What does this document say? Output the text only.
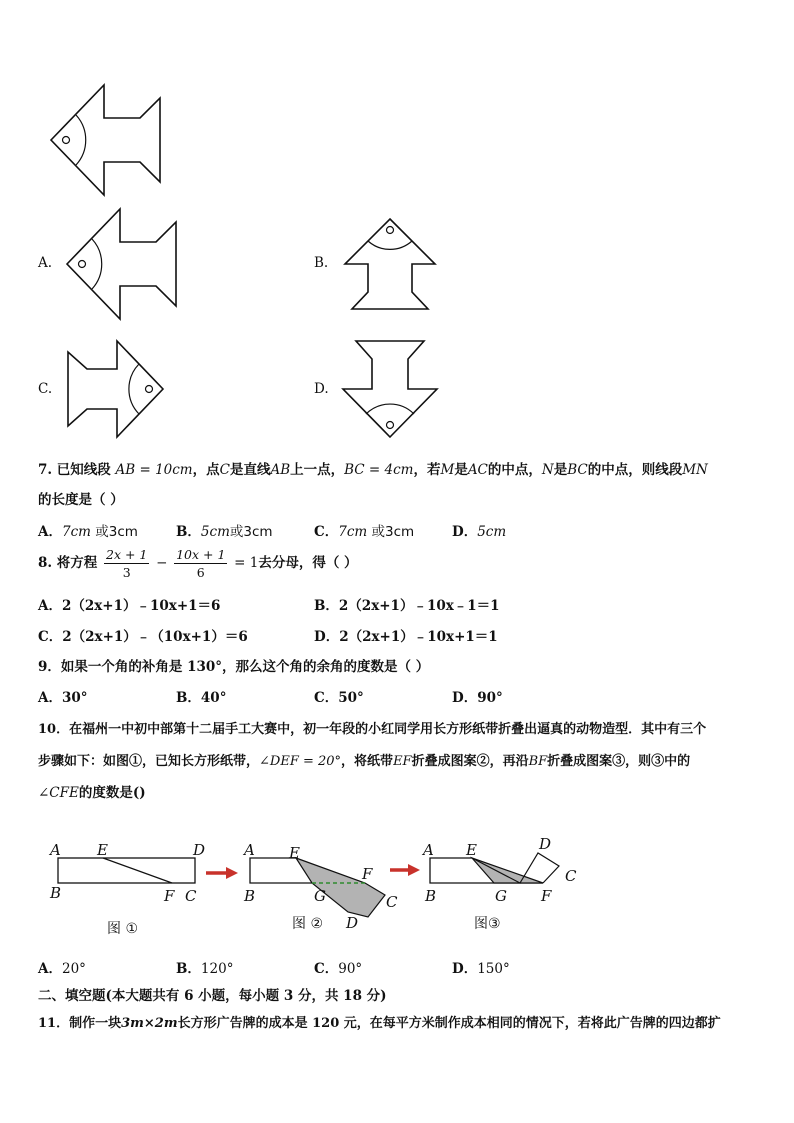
A.	B.
C.	D.
7. 已知线段 AB = 10cm，点C是直线AB上一点，BC = 4cm，若M是AC的中点，N是BC的中点，则线段MN
的长度是（ ）
A．7cm 或3cm	B．5cm或3cm	C．7cm 或3cm	D．5cm
8. 将方程 $\frac{2x + 1}{3} - \frac{10x + 1}{6} = 1$去分母，得（ ）
A．2（2x+1）﹣10x+1＝6	B．2（2x+1）﹣10x﹣1＝1
C．2（2x+1）﹣（10x+1）＝6	D．2（2x+1）﹣10x+1＝1
9．如果一个角的补角是 130°，那么这个角的余角的度数是（ ）
A．30°	B．40°	C．50°	D．90°
10．在福州一中初中部第十二届手工大赛中，初一年段的小红同学用长方形纸带折叠出逼真的动物造型．其中有三个
步骤如下：如图①，已知长方形纸带，∠DEF = 20°，将纸带EF折叠成图案②，再沿BF折叠成图案③，则③中的
∠CFE的度数是()
A E	D
B	F C
图 ①
A E
F
B	G	C
D
图 ②
A E	D
C
B	G F
图③
A．20°	B．120°	C．90°	D．150°
二、填空题(本大题共有 6 小题，每小题 3 分，共 18 分)
11．制作一块3m×2m长方形广告牌的成本是 120 元，在每平方米制作成本相同的情况下，若将此广告牌的四边都扩
